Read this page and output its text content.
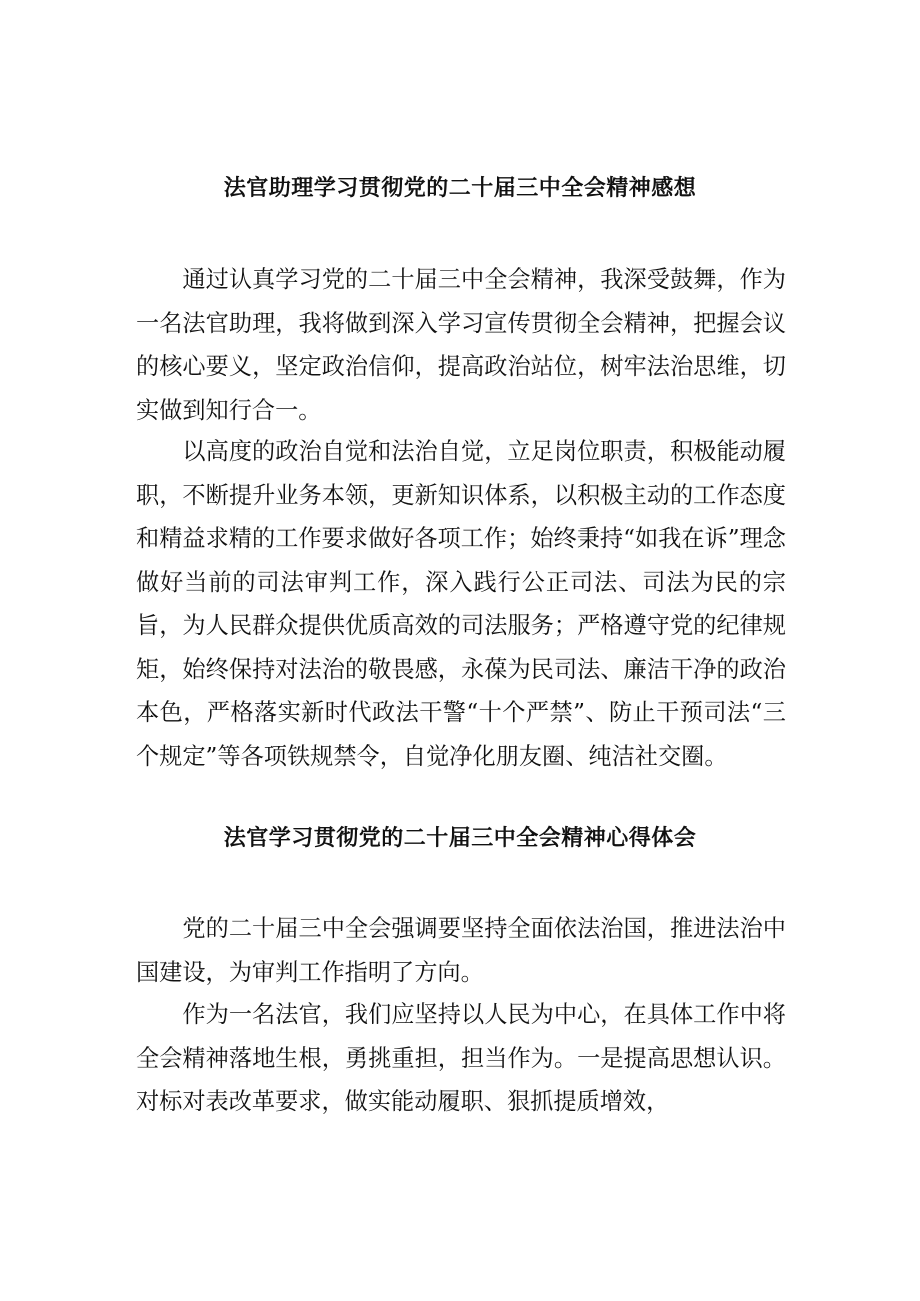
法官助理学习贯彻党的二十届三中全会精神感想

通过认真学习党的二十届三中全会精神，我深受鼓舞，作为一名法官助理，我将做到深入学习宣传贯彻全会精神，把握会议的核心要义，坚定政治信仰，提高政治站位，树牢法治思维，切实做到知行合一。

以高度的政治自觉和法治自觉，立足岗位职责，积极能动履职，不断提升业务本领，更新知识体系，以积极主动的工作态度和精益求精的工作要求做好各项工作；始终秉持“如我在诉”理念做好当前的司法审判工作，深入践行公正司法、司法为民的宗旨，为人民群众提供优质高效的司法服务；严格遵守党的纪律规矩，始终保持对法治的敬畏感，永葆为民司法、廉洁干净的政治本色，严格落实新时代政法干警“十个严禁”、防止干预司法“三个规定”等各项铁规禁令，自觉净化朋友圈、纯洁社交圈。

法官学习贯彻党的二十届三中全会精神心得体会

党的二十届三中全会强调要坚持全面依法治国，推进法治中国建设，为审判工作指明了方向。

作为一名法官，我们应坚持以人民为中心，在具体工作中将全会精神落地生根，勇挑重担，担当作为。一是提高思想认识。对标对表改革要求，做实能动履职、狠抓提质增效，
